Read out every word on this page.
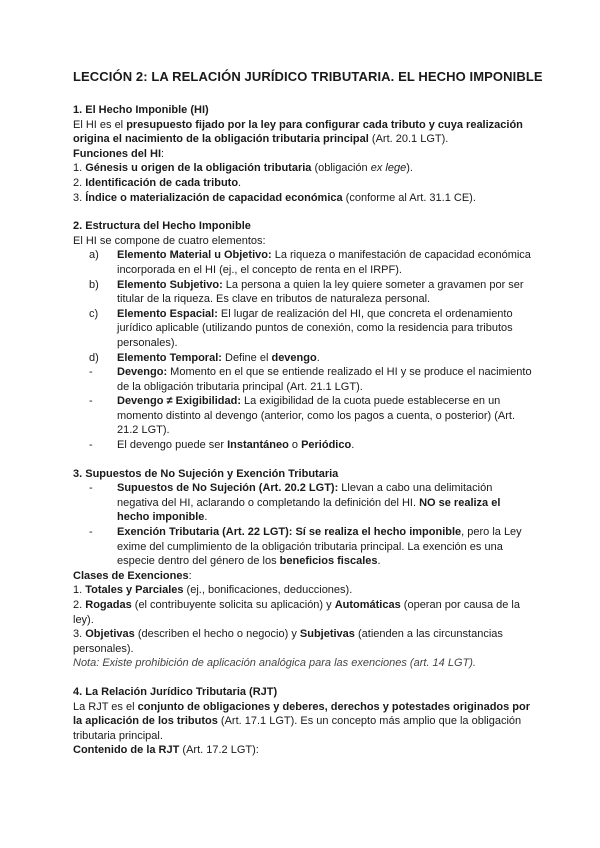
LECCIÓN 2: LA RELACIÓN JURÍDICO TRIBUTARIA. EL HECHO IMPONIBLE

1. El Hecho Imponible (HI)

El HI es el presupuesto fijado por la ley para configurar cada tributo y cuya realización origina el nacimiento de la obligación tributaria principal (Art. 20.1 LGT).

Funciones del HI:

1. Génesis u origen de la obligación tributaria (obligación ex lege).

2. Identificación de cada tributo.

3. Índice o materialización de capacidad económica (conforme al Art. 31.1 CE).

2. Estructura del Hecho Imponible

El HI se compone de cuatro elementos:

a)	Elemento Material u Objetivo: La riqueza o manifestación de capacidad económica incorporada en el HI (ej., el concepto de renta en el IRPF).
b)	Elemento Subjetivo: La persona a quien la ley quiere someter a gravamen por ser titular de la riqueza. Es clave en tributos de naturaleza personal.
c)	Elemento Espacial: El lugar de realización del HI, que concreta el ordenamiento jurídico aplicable (utilizando puntos de conexión, como la residencia para tributos personales).
d)	Elemento Temporal: Define el devengo.
-	Devengo: Momento en el que se entiende realizado el HI y se produce el nacimiento de la obligación tributaria principal (Art. 21.1 LGT).
-	Devengo ≠ Exigibilidad: La exigibilidad de la cuota puede establecerse en un momento distinto al devengo (anterior, como los pagos a cuenta, o posterior) (Art. 21.2 LGT).
-	El devengo puede ser Instantáneo o Periódico.

3. Supuestos de No Sujeción y Exención Tributaria

-	Supuestos de No Sujeción (Art. 20.2 LGT): Llevan a cabo una delimitación negativa del HI, aclarando o completando la definición del HI. NO se realiza el hecho imponible.
-	Exención Tributaria (Art. 22 LGT): Sí se realiza el hecho imponible, pero la Ley exime del cumplimiento de la obligación tributaria principal. La exención es una especie dentro del género de los beneficios fiscales.

Clases de Exenciones:

1. Totales y Parciales (ej., bonificaciones, deducciones).

2. Rogadas (el contribuyente solicita su aplicación) y Automáticas (operan por causa de la ley).

3. Objetivas (describen el hecho o negocio) y Subjetivas (atienden a las circunstancias personales).

Nota: Existe prohibición de aplicación analógica para las exenciones (art. 14 LGT).

4. La Relación Jurídico Tributaria (RJT)

La RJT es el conjunto de obligaciones y deberes, derechos y potestades originados por la aplicación de los tributos (Art. 17.1 LGT). Es un concepto más amplio que la obligación tributaria principal.

Contenido de la RJT (Art. 17.2 LGT):
